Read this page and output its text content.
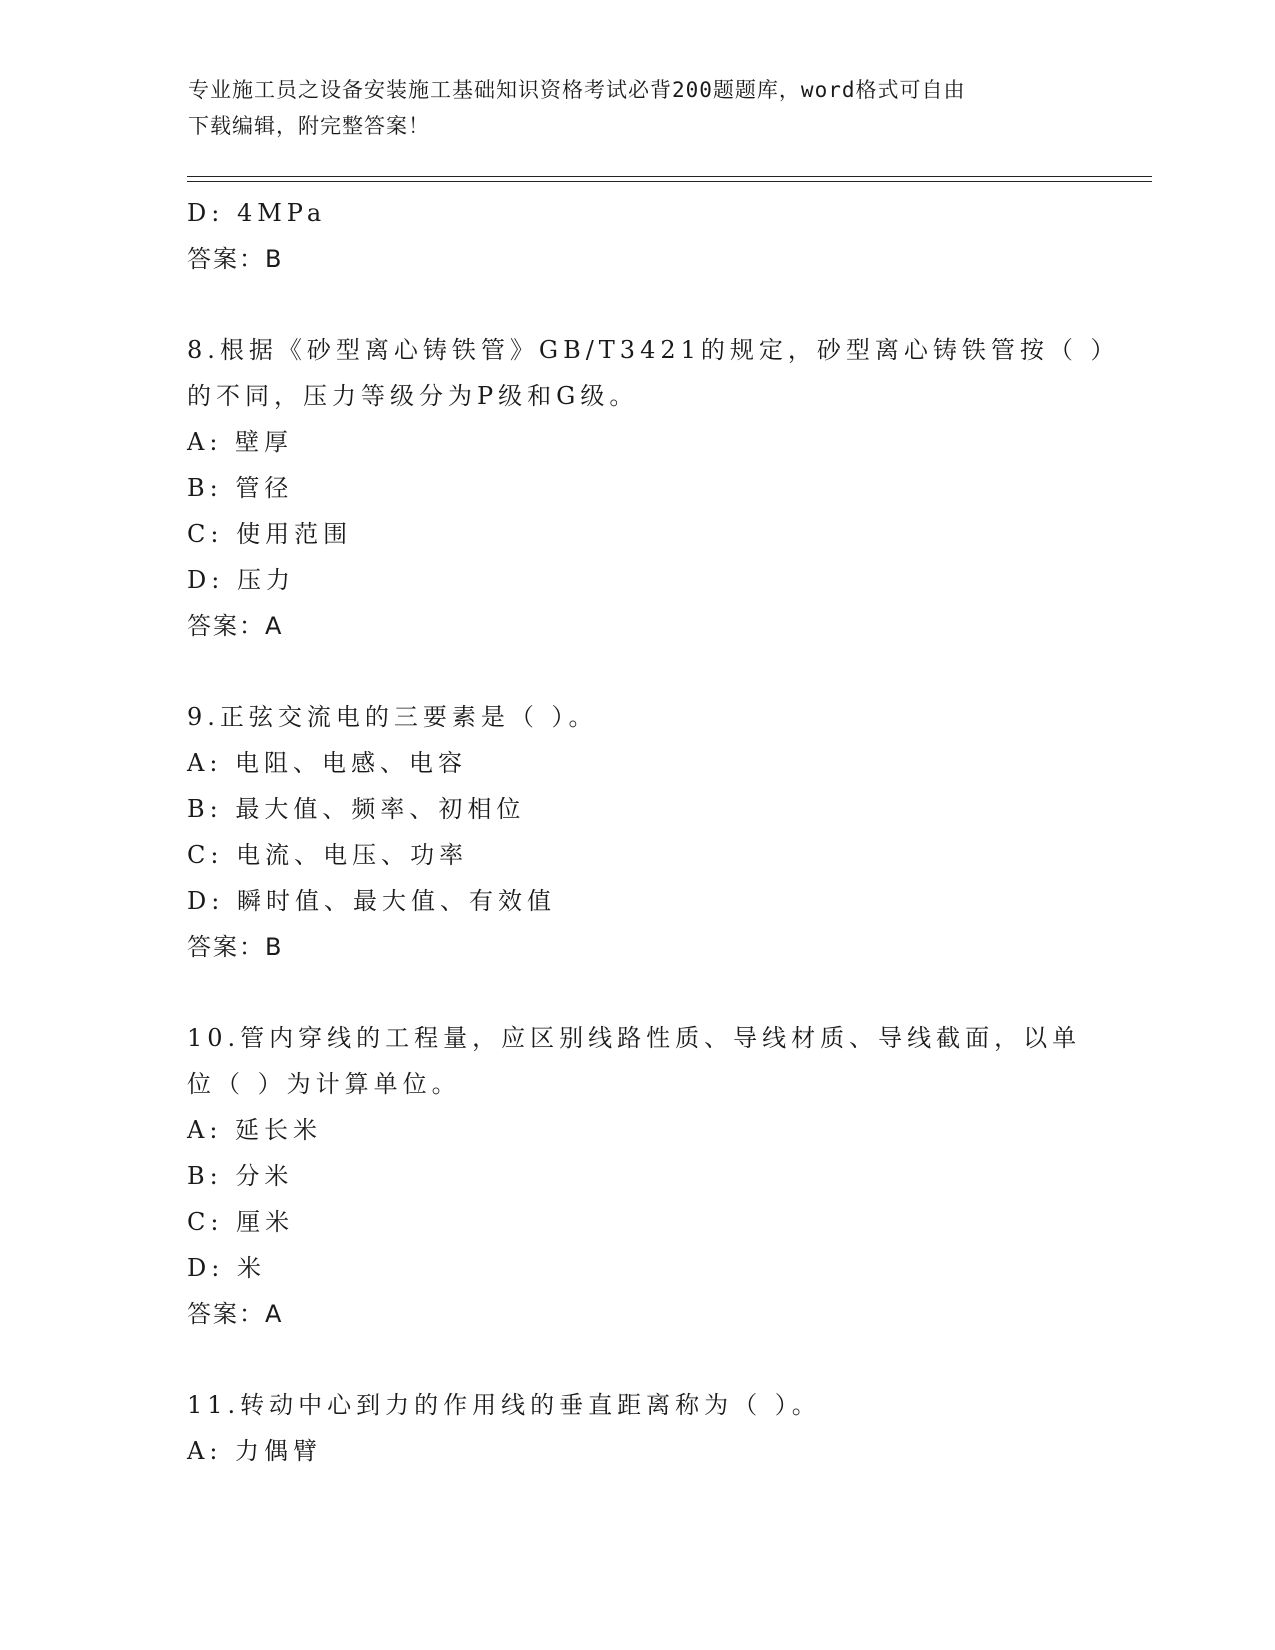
专业施工员之设备安装施工基础知识资格考试必背200题题库，word格式可自由
下载编辑，附完整答案！
D: 4MPa
答案：B
8.根据《砂型离心铸铁管》GB/T3421的规定，砂型离心铸铁管按（ ）
的不同，压力等级分为P级和G级。
A: 壁厚
B: 管径
C: 使用范围
D: 压力
答案：A
9.正弦交流电的三要素是（ ）。
A: 电阻、电感、电容
B: 最大值、频率、初相位
C: 电流、电压、功率
D: 瞬时值、最大值、有效值
答案：B
10.管内穿线的工程量，应区别线路性质、导线材质、导线截面，以单
位（ ）为计算单位。
A: 延长米
B: 分米
C: 厘米
D: 米
答案：A
11.转动中心到力的作用线的垂直距离称为（ ）。
A: 力偶臂
